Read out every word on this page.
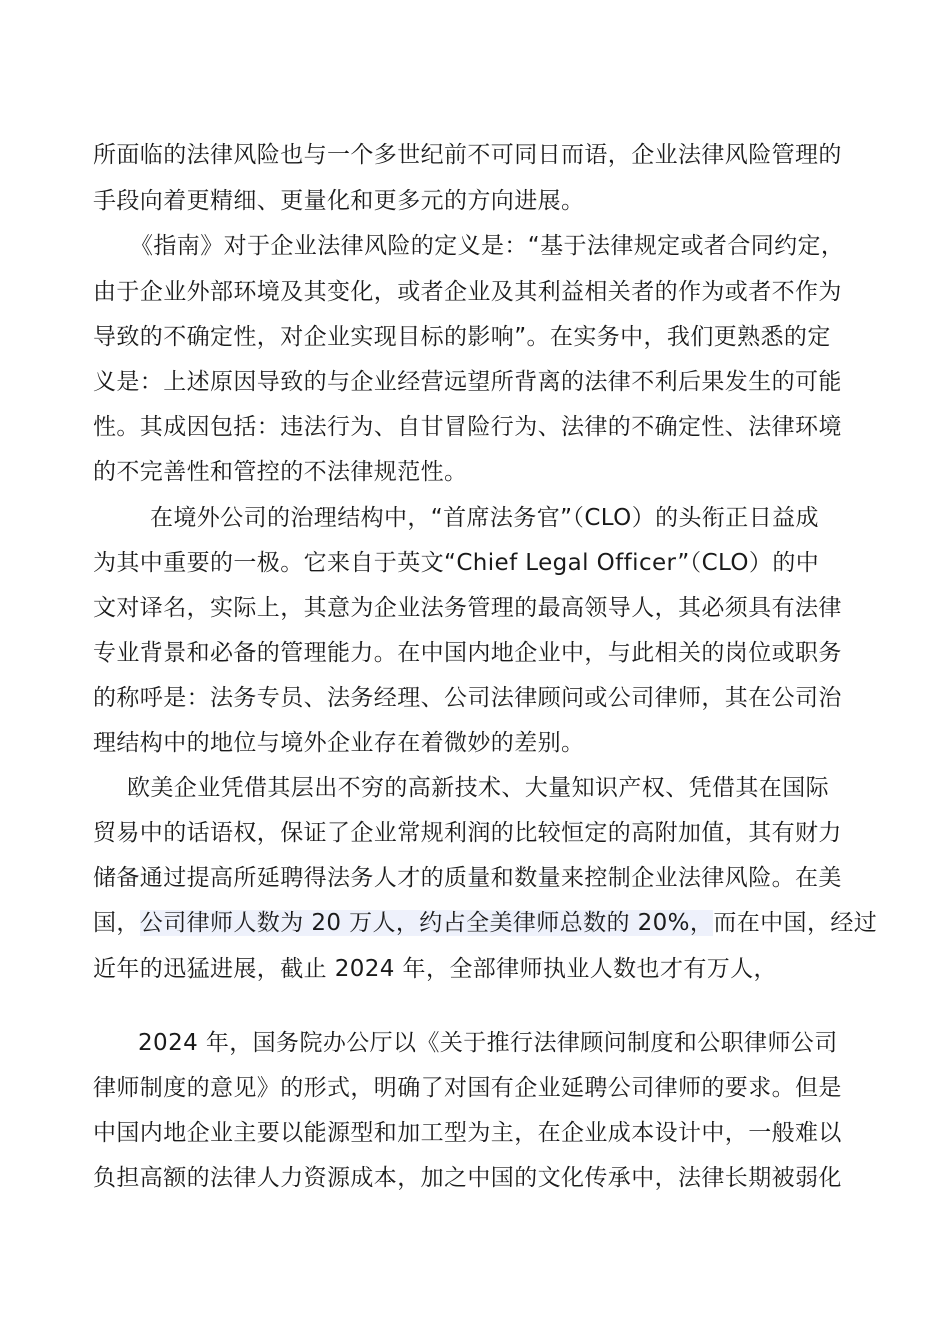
所面临的法律风险也与一个多世纪前不可同日而语，企业法律风险管理的
手段向着更精细、更量化和更多元的方向进展。
《指南》对于企业法律风险的定义是：“基于法律规定或者合同约定，
由于企业外部环境及其变化，或者企业及其利益相关者的作为或者不作为
导致的不确定性，对企业实现目标的影响”。在实务中，我们更熟悉的定
义是：上述原因导致的与企业经营远望所背离的法律不利后果发生的可能
性。其成因包括：违法行为、自甘冒险行为、法律的不确定性、法律环境
的不完善性和管控的不法律规范性。
在境外公司的治理结构中，“首席法务官”（CLO）的头衔正日益成
为其中重要的一极。它来自于英文“Chief Legal Officer”（CLO）的中
文对译名，实际上，其意为企业法务管理的最高领导人，其必须具有法律
专业背景和必备的管理能力。在中国内地企业中，与此相关的岗位或职务
的称呼是：法务专员、法务经理、公司法律顾问或公司律师，其在公司治
理结构中的地位与境外企业存在着微妙的差别。
欧美企业凭借其层出不穷的高新技术、大量知识产权、凭借其在国际
贸易中的话语权，保证了企业常规利润的比较恒定的高附加值，其有财力
储备通过提高所延聘得法务人才的质量和数量来控制企业法律风险。在美
国，公司律师人数为 20 万人，约占全美律师总数的 20%，而在中国，经过
近年的迅猛进展，截止 2024 年，全部律师执业人数也才有万人，
2024 年，国务院办公厅以《关于推行法律顾问制度和公职律师公司
律师制度的意见》的形式，明确了对国有企业延聘公司律师的要求。但是
中国内地企业主要以能源型和加工型为主，在企业成本设计中，一般难以
负担高额的法律人力资源成本，加之中国的文化传承中，法律长期被弱化
